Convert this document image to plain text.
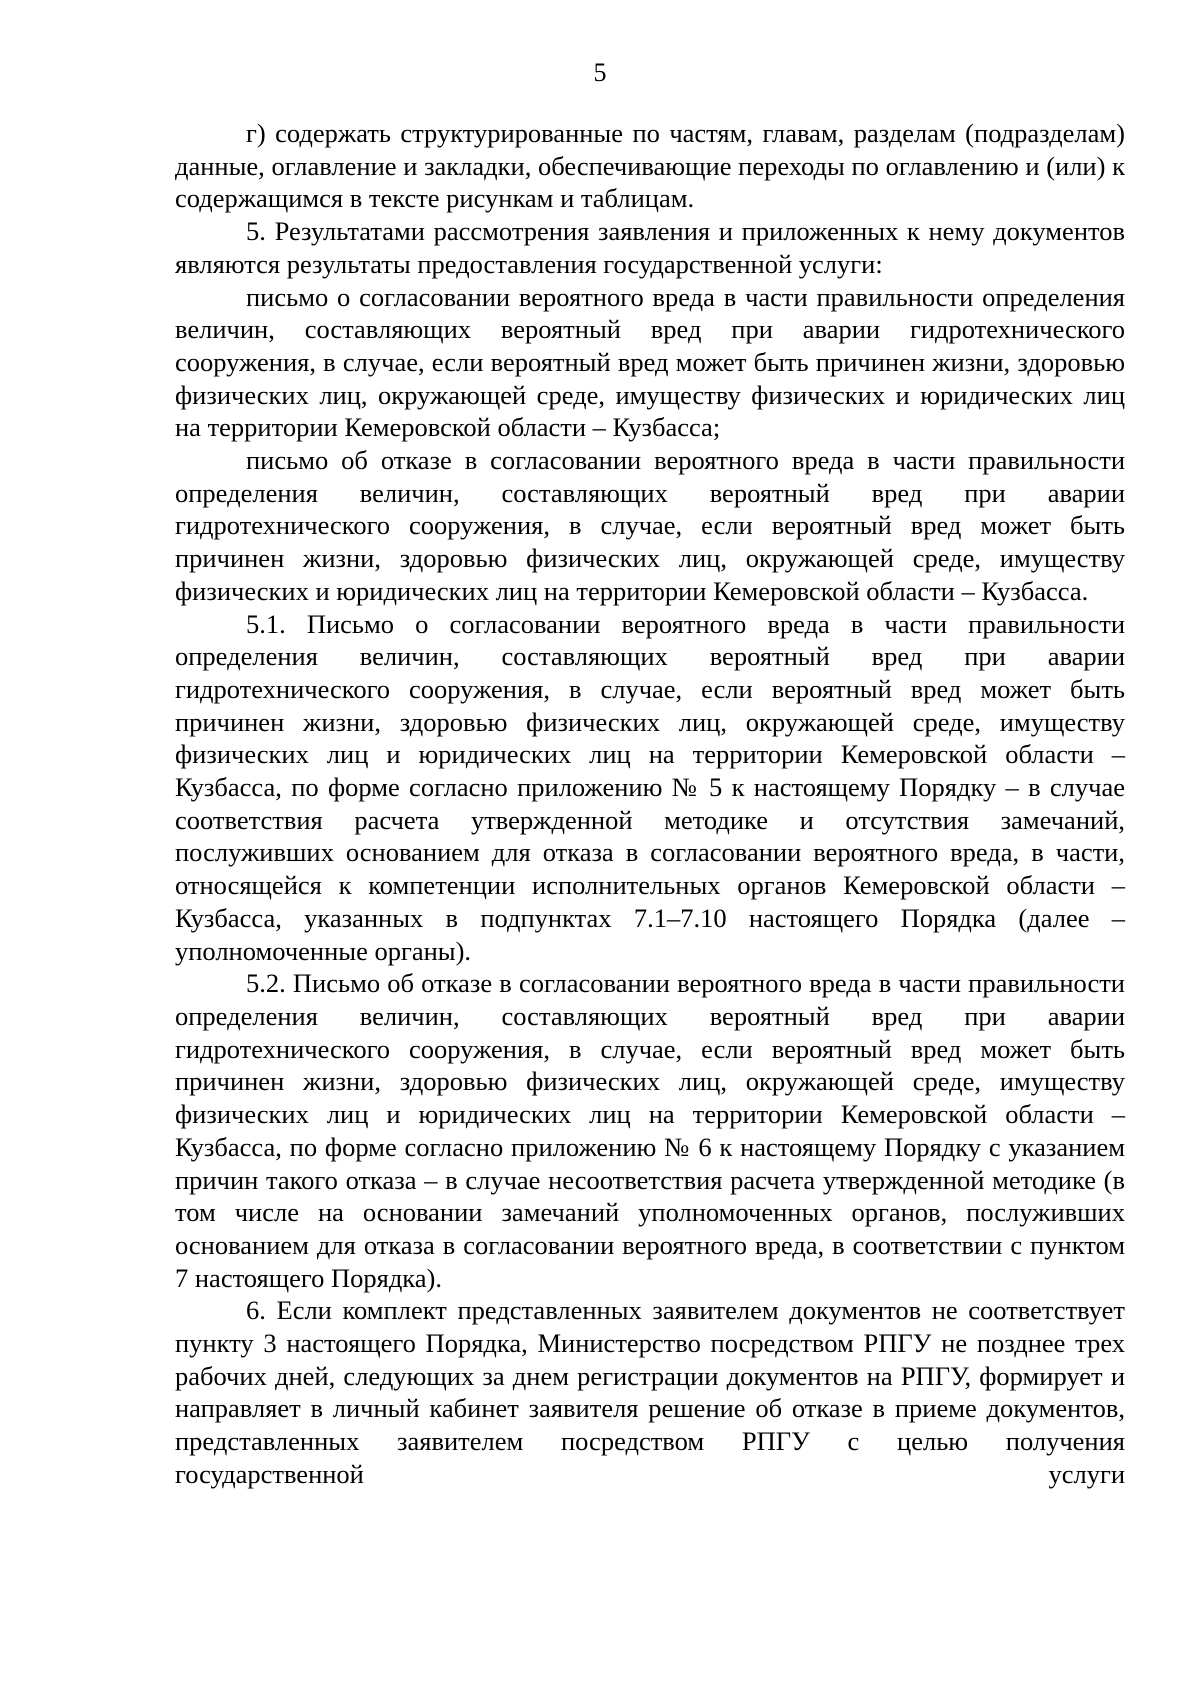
5

г) содержать структурированные по частям, главам, разделам (подразделам) данные, оглавление и закладки, обеспечивающие переходы по оглавлению и (или) к содержащимся в тексте рисункам и таблицам.

5. Результатами рассмотрения заявления и приложенных к нему документов являются результаты предоставления государственной услуги:

письмо о согласовании вероятного вреда в части правильности определения величин, составляющих вероятный вред при аварии гидротехнического сооружения, в случае, если вероятный вред может быть причинен жизни, здоровью физических лиц, окружающей среде, имуществу физических и юридических лиц на территории Кемеровской области – Кузбасса;

письмо об отказе в согласовании вероятного вреда в части правильности определения величин, составляющих вероятный вред при аварии гидротехнического сооружения, в случае, если вероятный вред может быть причинен жизни, здоровью физических лиц, окружающей среде, имуществу физических и юридических лиц на территории Кемеровской области – Кузбасса.

5.1. Письмо о согласовании вероятного вреда в части правильности определения величин, составляющих вероятный вред при аварии гидротехнического сооружения, в случае, если вероятный вред может быть причинен жизни, здоровью физических лиц, окружающей среде, имуществу физических лиц и юридических лиц на территории Кемеровской области – Кузбасса, по форме согласно приложению № 5 к настоящему Порядку – в случае соответствия расчета утвержденной методике и отсутствия замечаний, послуживших основанием для отказа в согласовании вероятного вреда, в части, относящейся к компетенции исполнительных органов Кемеровской области – Кузбасса, указанных в подпунктах 7.1–7.10 настоящего Порядка (далее – уполномоченные органы).

5.2. Письмо об отказе в согласовании вероятного вреда в части правильности определения величин, составляющих вероятный вред при аварии гидротехнического сооружения, в случае, если вероятный вред может быть причинен жизни, здоровью физических лиц, окружающей среде, имуществу физических лиц и юридических лиц на территории Кемеровской области – Кузбасса, по форме согласно приложению № 6 к настоящему Порядку с указанием причин такого отказа – в случае несоответствия расчета утвержденной методике (в том числе на основании замечаний уполномоченных органов, послуживших основанием для отказа в согласовании вероятного вреда, в соответствии с пунктом 7 настоящего Порядка).

6. Если комплект представленных заявителем документов не соответствует пункту 3 настоящего Порядка, Министерство посредством РПГУ не позднее трех рабочих дней, следующих за днем регистрации документов на РПГУ, формирует и направляет в личный кабинет заявителя решение об отказе в приеме документов, представленных заявителем посредством РПГУ с целью получения государственной услуги
